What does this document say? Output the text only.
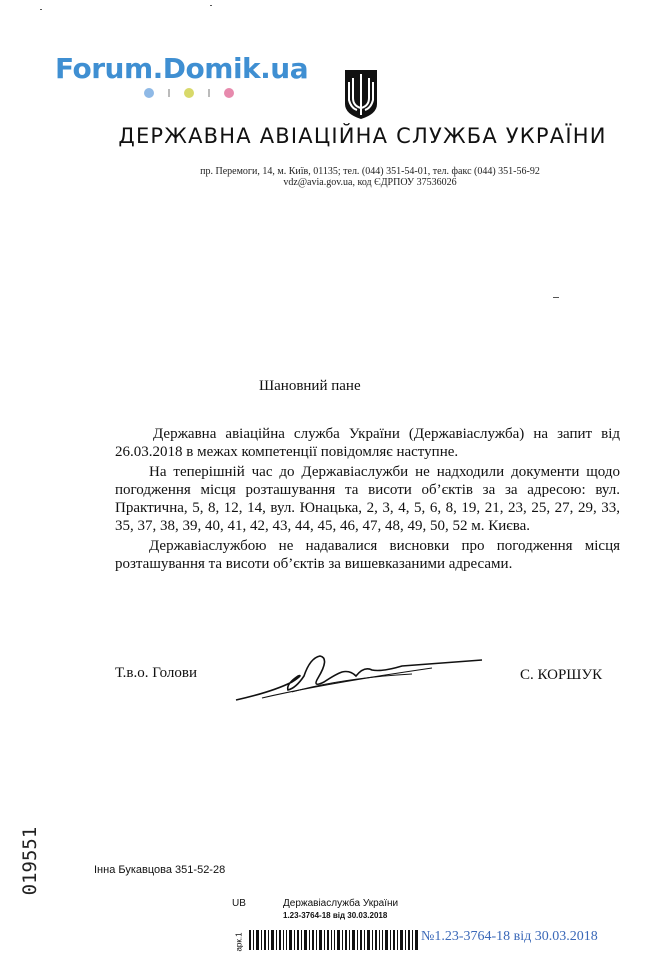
Forum.Domik.ua
ДЕРЖАВНА АВІАЦІЙНА СЛУЖБА УКРАЇНИ
пр. Перемоги, 14, м. Київ, 01135; тел. (044) 351-54-01, тел. факс (044) 351-56-92
vdz@avia.gov.ua, код ЄДРПОУ 37536026
Шановний пане

Державна авіаційна служба України (Державіаслужба) на запит від 26.03.2018 в межах компетенції повідомляє наступне.

На теперішній час до Державіаслужби не надходили документи щодо погодження місця розташування та висоти об’єктів за за адресою: вул. Практична, 5, 8, 12, 14, вул. Юнацька, 2, 3, 4, 5, 6, 8, 19, 21, 23, 25, 27, 29, 33, 35, 37, 38, 39, 40, 41, 42, 43, 44, 45, 46, 47, 48, 49, 50, 52 м. Києва.

Державіаслужбою не надавалися висновки про погодження місця розташування та висоти об’єктів за вишевказаними адресами.

Т.в.о. Голови	С. КОРШУК
019551	Інна Букавцова 351-52-28
UB	Державіаслужба України
1.23-3764-18 від 30.03.2018
арк.1	№1.23-3764-18 від 30.03.2018
